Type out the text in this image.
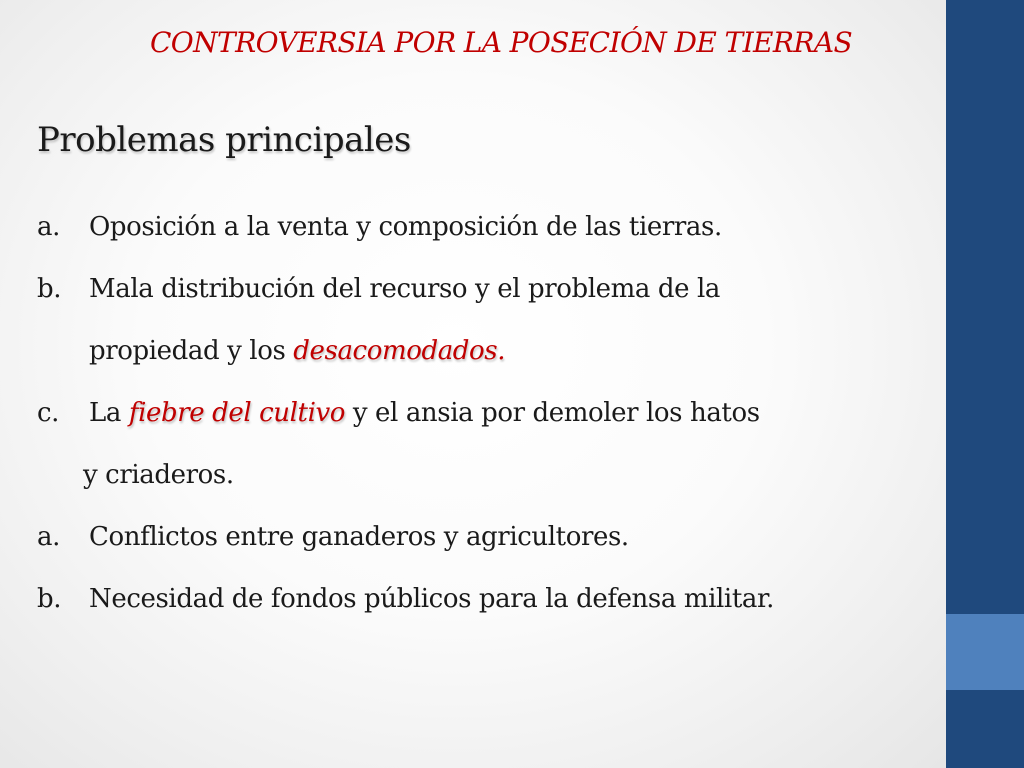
CONTROVERSIA POR LA POSECIÓN DE TIERRAS
Problemas principales
a. Oposición a la venta y composición de las tierras.
b. Mala distribución del recurso y el problema de la
propiedad y los desacomodados.
c. La fiebre del cultivo y el ansia por demoler los hatos
y criaderos.
a. Conflictos entre ganaderos y agricultores.
b. Necesidad de fondos públicos para la defensa militar.
